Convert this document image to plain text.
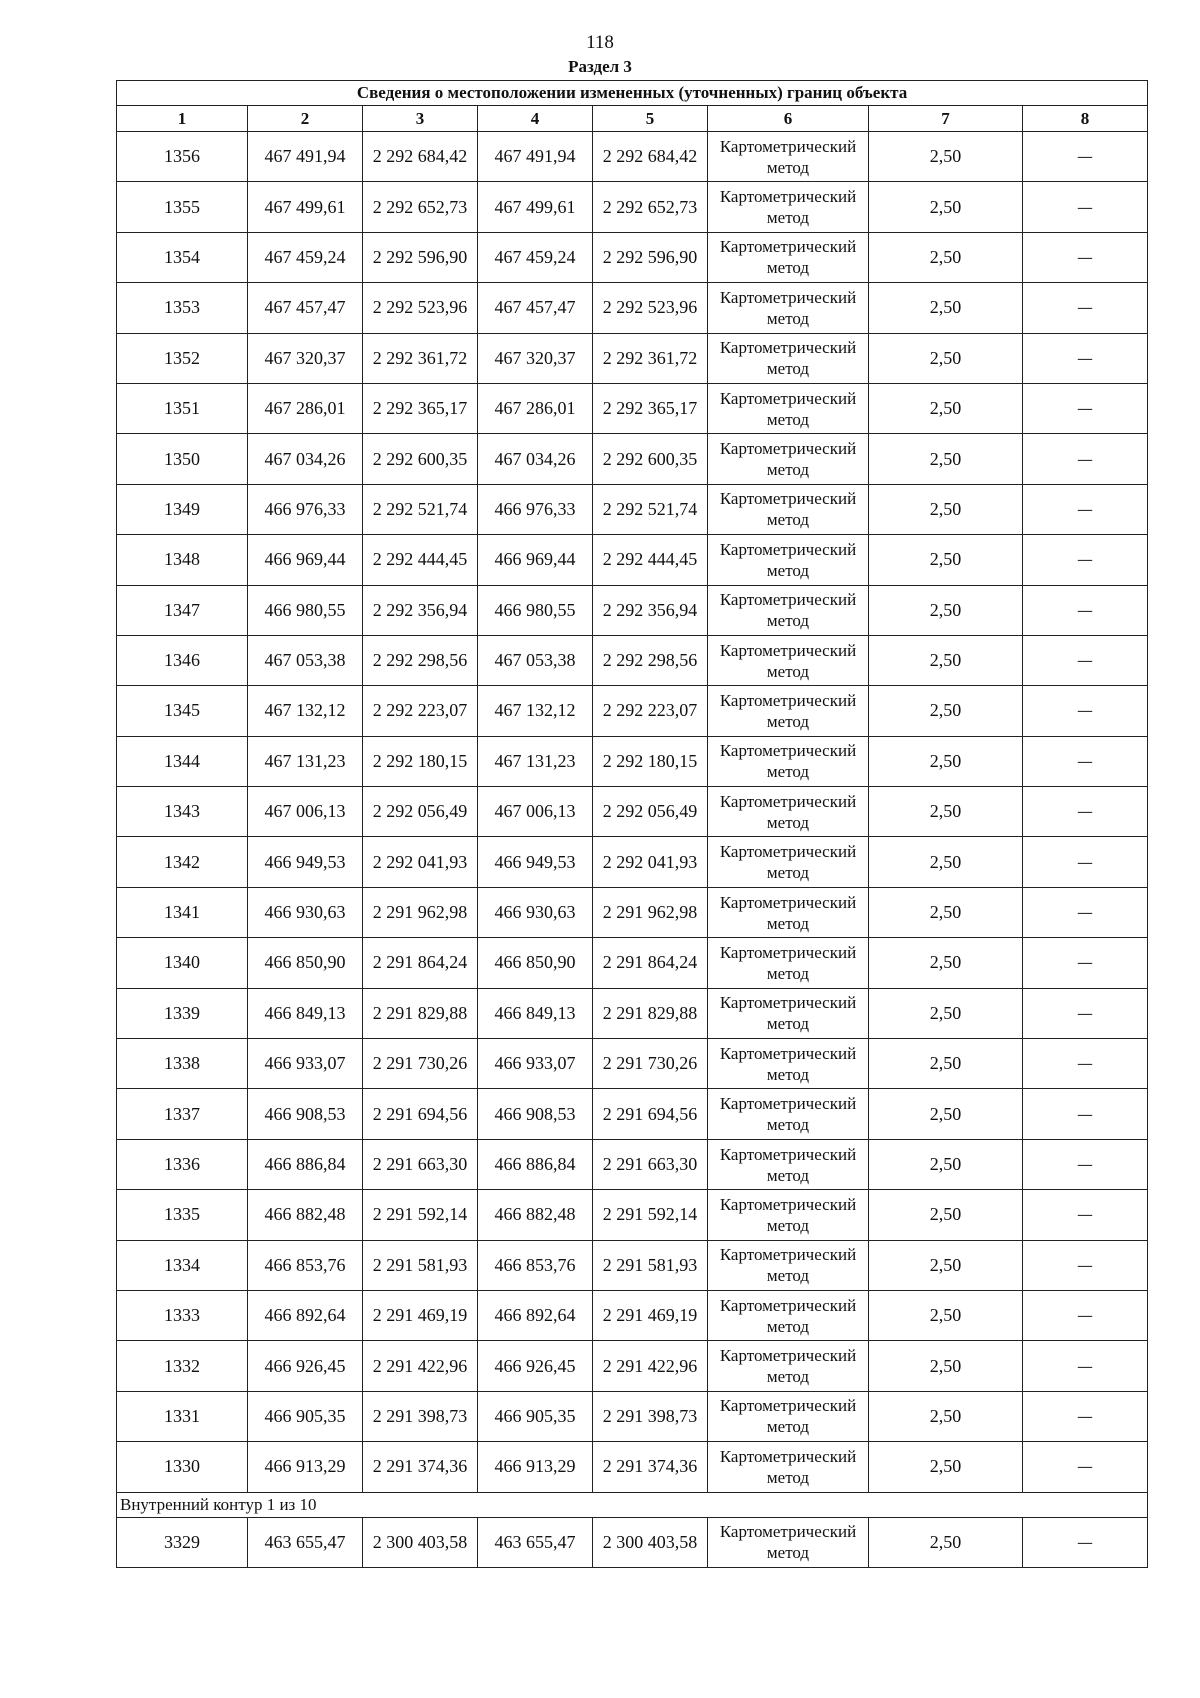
118
Раздел 3
Сведения о местоположении измененных (уточненных) границ объекта							
1	2	3	4	5	6	7	8
1356	467 491,94	2 292 684,42	467 491,94	2 292 684,42	Картометрический метод	2,50	—
1355	467 499,61	2 292 652,73	467 499,61	2 292 652,73	Картометрический метод	2,50	—
1354	467 459,24	2 292 596,90	467 459,24	2 292 596,90	Картометрический метод	2,50	—
1353	467 457,47	2 292 523,96	467 457,47	2 292 523,96	Картометрический метод	2,50	—
1352	467 320,37	2 292 361,72	467 320,37	2 292 361,72	Картометрический метод	2,50	—
1351	467 286,01	2 292 365,17	467 286,01	2 292 365,17	Картометрический метод	2,50	—
1350	467 034,26	2 292 600,35	467 034,26	2 292 600,35	Картометрический метод	2,50	—
1349	466 976,33	2 292 521,74	466 976,33	2 292 521,74	Картометрический метод	2,50	—
1348	466 969,44	2 292 444,45	466 969,44	2 292 444,45	Картометрический метод	2,50	—
1347	466 980,55	2 292 356,94	466 980,55	2 292 356,94	Картометрический метод	2,50	—
1346	467 053,38	2 292 298,56	467 053,38	2 292 298,56	Картометрический метод	2,50	—
1345	467 132,12	2 292 223,07	467 132,12	2 292 223,07	Картометрический метод	2,50	—
1344	467 131,23	2 292 180,15	467 131,23	2 292 180,15	Картометрический метод	2,50	—
1343	467 006,13	2 292 056,49	467 006,13	2 292 056,49	Картометрический метод	2,50	—
1342	466 949,53	2 292 041,93	466 949,53	2 292 041,93	Картометрический метод	2,50	—
1341	466 930,63	2 291 962,98	466 930,63	2 291 962,98	Картометрический метод	2,50	—
1340	466 850,90	2 291 864,24	466 850,90	2 291 864,24	Картометрический метод	2,50	—
1339	466 849,13	2 291 829,88	466 849,13	2 291 829,88	Картометрический метод	2,50	—
1338	466 933,07	2 291 730,26	466 933,07	2 291 730,26	Картометрический метод	2,50	—
1337	466 908,53	2 291 694,56	466 908,53	2 291 694,56	Картометрический метод	2,50	—
1336	466 886,84	2 291 663,30	466 886,84	2 291 663,30	Картометрический метод	2,50	—
1335	466 882,48	2 291 592,14	466 882,48	2 291 592,14	Картометрический метод	2,50	—
1334	466 853,76	2 291 581,93	466 853,76	2 291 581,93	Картометрический метод	2,50	—
1333	466 892,64	2 291 469,19	466 892,64	2 291 469,19	Картометрический метод	2,50	—
1332	466 926,45	2 291 422,96	466 926,45	2 291 422,96	Картометрический метод	2,50	—
1331	466 905,35	2 291 398,73	466 905,35	2 291 398,73	Картометрический метод	2,50	—
1330	466 913,29	2 291 374,36	466 913,29	2 291 374,36	Картометрический метод	2,50	—
Внутренний контур 1 из 10							
3329	463 655,47	2 300 403,58	463 655,47	2 300 403,58	Картометрический метод	2,50	—
